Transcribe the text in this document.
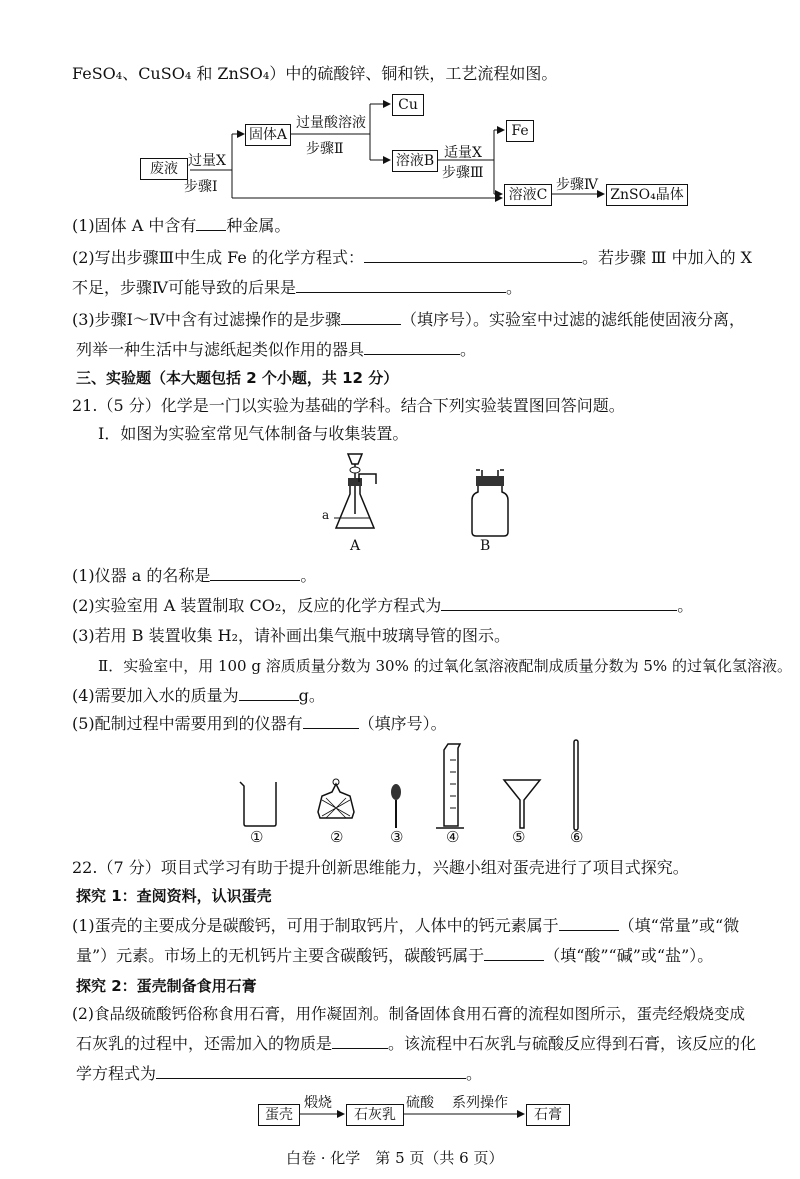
FeSO₄、CuSO₄ 和 ZnSO₄）中的硫酸锌、铜和铁，工艺流程如图。
废液 过量X
步骤Ⅰ
固体A
过量酸溶液
步骤Ⅱ
Cu
溶液B 适量X
步骤Ⅲ
Fe
溶液C
步骤Ⅳ
ZnSO₄晶体
(1)固体 A 中含有 种金属。
(2)写出步骤Ⅲ中生成 Fe 的化学方程式：	。若步骤 Ⅲ 中加入的 X
不足，步骤Ⅳ可能导致的后果是	。
(3)步骤Ⅰ～Ⅳ中含有过滤操作的是步骤	（填序号）。实验室中过滤的滤纸能使固液分离，
列举一种生活中与滤纸起类似作用的器具	。
三、实验题（本大题包括 2 个小题，共 12 分）
21.（5 分）化学是一门以实验为基础的学科。结合下列实验装置图回答问题。
Ⅰ．如图为实验室常见气体制备与收集装置。
a
A	B
(1)仪器 a 的名称是	。
(2)实验室用 A 装置制取 CO₂，反应的化学方程式为	。
(3)若用 B 装置收集 H₂，请补画出集气瓶中玻璃导管的图示。
Ⅱ．实验室中，用 100 g 溶质质量分数为 30% 的过氧化氢溶液配制成质量分数为 5% 的过氧化氢溶液。
(4)需要加入水的质量为	g。
(5)配制过程中需要用到的仪器有	（填序号）。
①	②	③	④	⑤	⑥
22.（7 分）项目式学习有助于提升创新思维能力，兴趣小组对蛋壳进行了项目式探究。
探究 1：查阅资料，认识蛋壳
(1)蛋壳的主要成分是碳酸钙，可用于制取钙片，人体中的钙元素属于	（填“常量”或“微
量”）元素。市场上的无机钙片主要含碳酸钙，碳酸钙属于	（填“酸”“碱”或“盐”）。
探究 2：蛋壳制备食用石膏
(2)食品级硫酸钙俗称食用石膏，用作凝固剂。制备固体食用石膏的流程如图所示，蛋壳经煅烧变成
石灰乳的过程中，还需加入的物质是	。该流程中石灰乳与硫酸反应得到石膏，该反应的化
学方程式为	。
蛋壳
煅烧
石灰乳
硫酸 系列操作
石膏
白卷 · 化学　第 5 页（共 6 页）
